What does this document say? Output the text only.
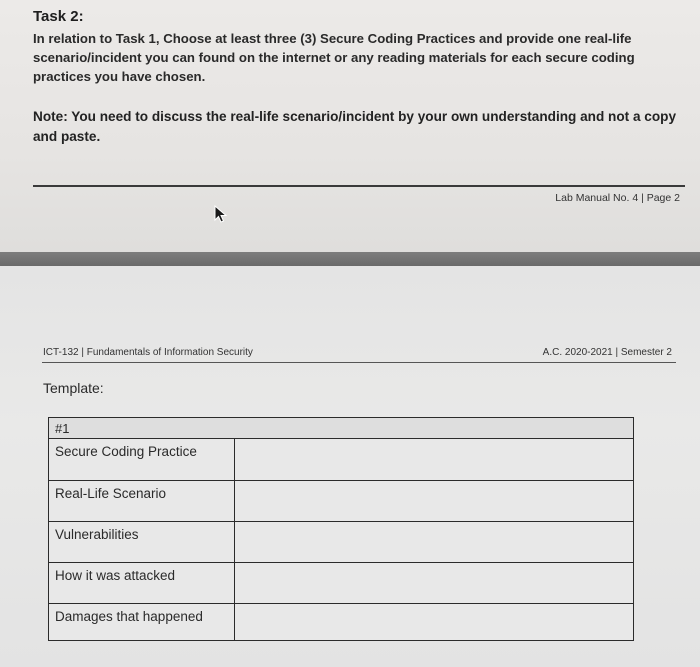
Task 2:
In relation to Task 1, Choose at least three (3) Secure Coding Practices and provide one real-life scenario/incident you can found on the internet or any reading materials for each secure coding practices you have chosen.
Note: You need to discuss the real-life scenario/incident by your own understanding and not a copy and paste.
Lab Manual No. 4 | Page 2
ICT-132 | Fundamentals of Information Security	A.C. 2020-2021 | Semester 2
Template:
#1
Secure Coding Practice
Real-Life Scenario
Vulnerabilities
How it was attacked
Damages that happened
